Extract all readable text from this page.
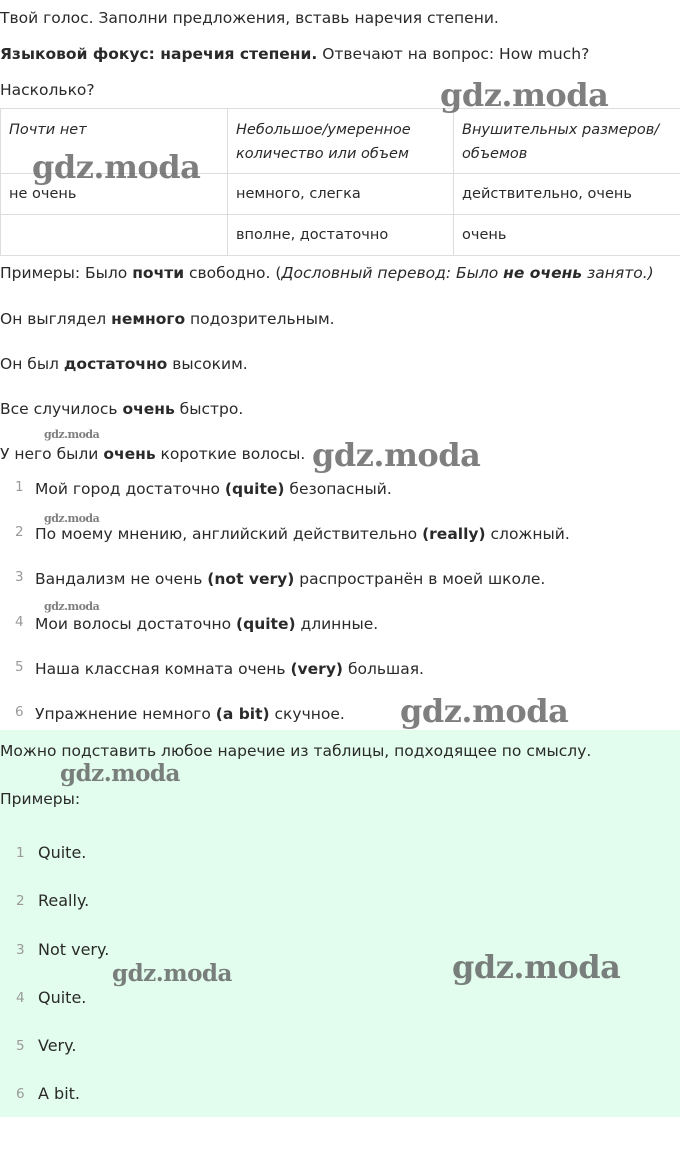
Твой голос. Заполни предложения, вставь наречия степени.

Языковой фокус: наречия степени. Отвечают на вопрос: How much?

Насколько?

Почти нет	Небольшое/умеренное количество или объем	Внушительных размеров/ объемов
не очень	немного, слегка	действительно, очень
	вполне, достаточно	очень

Примеры: Было почти свободно. (Дословный перевод: Было не очень занято.)

Он выглядел немного подозрительным.

Он был достаточно высоким.

Все случилось очень быстро.

У него были очень короткие волосы.

1 Мой город достаточно (quite) безопасный.
2 По моему мнению, английский действительно (really) сложный.
3 Вандализм не очень (not very) распространён в моей школе.
4 Мои волосы достаточно (quite) длинные.
5 Наша классная комната очень (very) большая.
6 Упражнение немного (a bit) скучное.

Можно подставить любое наречие из таблицы, подходящее по смыслу.

Примеры:

1 Quite.
2 Really.
3 Not very.
4 Quite.
5 Very.
6 A bit.
gdz.moda
gdz.moda
gdz.moda
gdz.moda
gdz.moda
gdz.moda
gdz.moda
gdz.moda
gdz.moda	gdz.moda
